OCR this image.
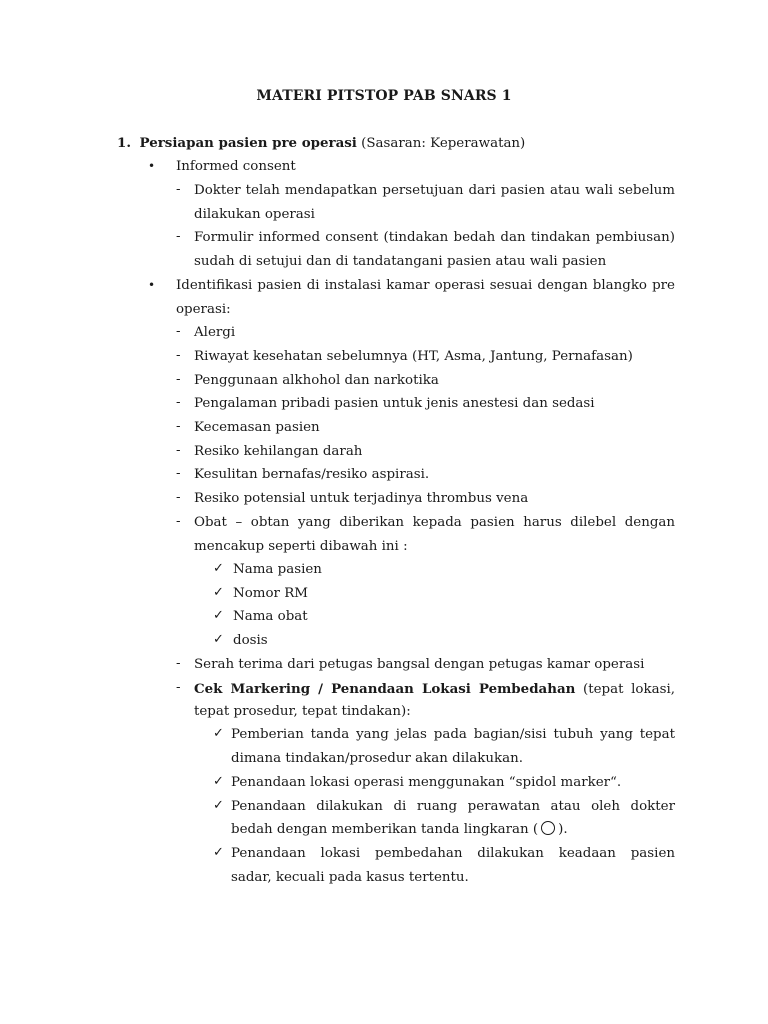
MATERI PITSTOP PAB SNARS 1
1. Persiapan pasien pre operasi (Sasaran: Keperawatan)
• Informed consent
- Dokter telah mendapatkan persetujuan dari pasien atau wali sebelum
dilakukan operasi
- Formulir informed consent (tindakan bedah dan tindakan pembiusan)
sudah di setujui dan di tandatangani pasien atau wali pasien
• Identifikasi pasien di instalasi kamar operasi sesuai dengan blangko pre
operasi:
- Alergi
- Riwayat kesehatan sebelumnya (HT, Asma, Jantung, Pernafasan)
- Penggunaan alkhohol dan narkotika
- Pengalaman pribadi pasien untuk jenis anestesi dan sedasi
- Kecemasan pasien
- Resiko kehilangan darah
- Kesulitan bernafas/resiko aspirasi.
- Resiko potensial untuk terjadinya thrombus vena
- Obat – obtan yang diberikan kepada pasien harus dilebel dengan
mencakup seperti dibawah ini :
✓ Nama pasien
✓ Nomor RM
✓ Nama obat
✓ dosis
- Serah terima dari petugas bangsal dengan petugas kamar operasi
- Cek Markering / Penandaan Lokasi Pembedahan (tepat lokasi,
tepat prosedur, tepat tindakan):
✓ Pemberian tanda yang jelas pada bagian/sisi tubuh yang tepat
dimana tindakan/prosedur akan dilakukan.
✓ Penandaan lokasi operasi menggunakan “spidol marker“.
✓ Penandaan dilakukan di ruang perawatan atau oleh dokter
bedah dengan memberikan tanda lingkaran ( ).
✓ Penandaan lokasi pembedahan dilakukan keadaan pasien
sadar, kecuali pada kasus tertentu.
